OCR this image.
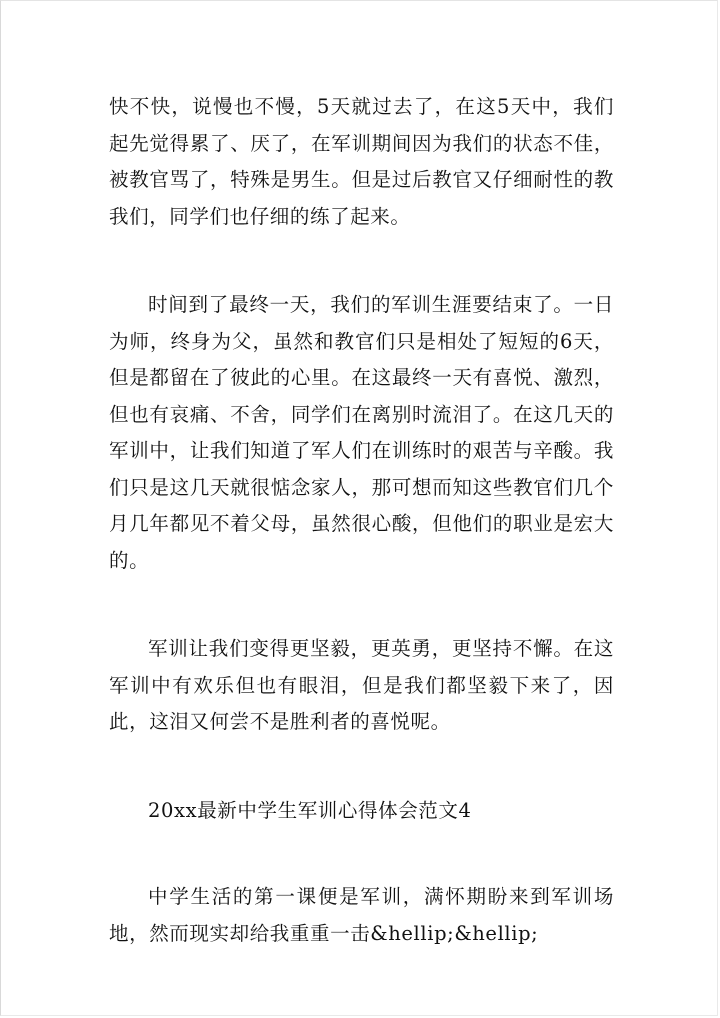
快不快，说慢也不慢，5天就过去了，在这5天中，我们起先觉得累了、厌了，在军训期间因为我们的状态不佳，被教官骂了，特殊是男生。但是过后教官又仔细耐性的教我们，同学们也仔细的练了起来。

时间到了最终一天，我们的军训生涯要结束了。一日为师，终身为父，虽然和教官们只是相处了短短的6天，但是都留在了彼此的心里。在这最终一天有喜悦、激烈，但也有哀痛、不舍，同学们在离别时流泪了。在这几天的军训中，让我们知道了军人们在训练时的艰苦与辛酸。我们只是这几天就很惦念家人，那可想而知这些教官们几个月几年都见不着父母，虽然很心酸，但他们的职业是宏大的。

军训让我们变得更坚毅，更英勇，更坚持不懈。在这军训中有欢乐但也有眼泪，但是我们都坚毅下来了，因此，这泪又何尝不是胜利者的喜悦呢。

20xx最新中学生军训心得体会范文4

中学生活的第一课便是军训，满怀期盼来到军训场地，然而现实却给我重重一击&hellip;&hellip;
